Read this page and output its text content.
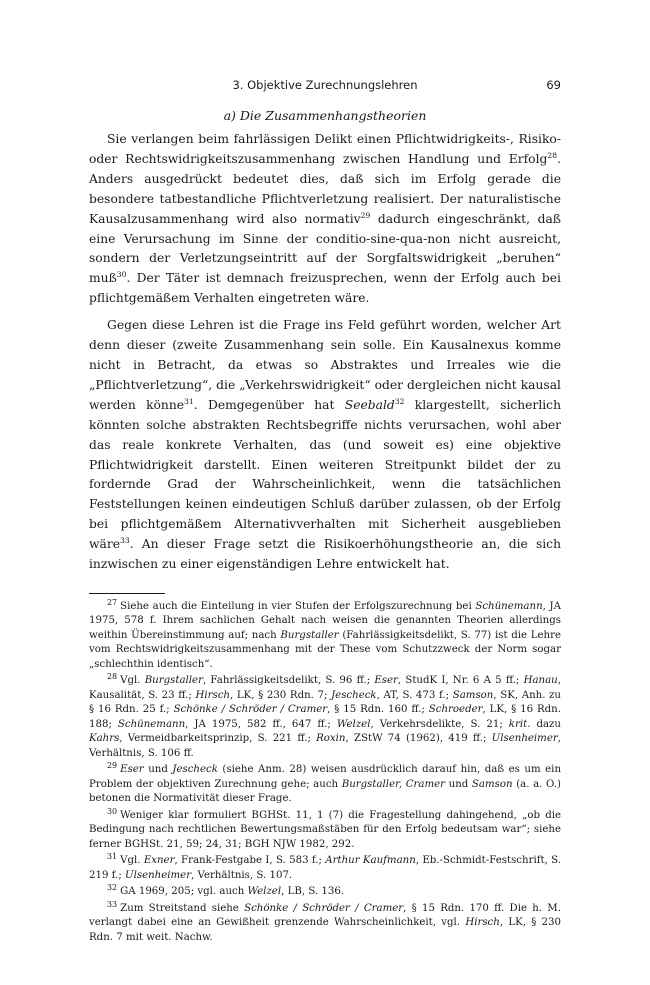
3. Objektive Zurechnungslehren	69
a) Die Zusammenhangstheorien

Sie verlangen beim fahrlässigen Delikt einen Pflichtwidrigkeits-, Risiko- oder Rechtswidrigkeitszusammenhang zwischen Handlung und Erfolg$^{28}$. Anders ausgedrückt bedeutet dies, daß sich im Erfolg gerade die besondere tatbestandliche Pflichtverletzung realisiert. Der naturalistische Kausalzusammenhang wird also normativ$^{29}$ dadurch eingeschränkt, daß eine Verursachung im Sinne der conditio-sine-qua-non nicht ausreicht, sondern der Verletzungseintritt auf der Sorgfaltswidrigkeit „beruhen“ muß$^{30}$. Der Täter ist demnach freizusprechen, wenn der Erfolg auch bei pflichtgemäßem Verhalten eingetreten wäre.

Gegen diese Lehren ist die Frage ins Feld geführt worden, welcher Art denn dieser (zweite Zusammenhang sein solle. Ein Kausalnexus komme nicht in Betracht, da etwas so Abstraktes und Irreales wie die „Pflichtverletzung“, die „Verkehrswidrigkeit“ oder dergleichen nicht kausal werden könne$^{31}$. Demgegenüber hat Seebald$^{32}$ klargestellt, sicherlich könnten solche abstrakten Rechtsbegriffe nichts verursachen, wohl aber das reale konkrete Verhalten, das (und soweit es) eine objektive Pflichtwidrigkeit darstellt. Einen weiteren Streitpunkt bildet der zu fordernde Grad der Wahrscheinlichkeit, wenn die tatsächlichen Feststellungen keinen eindeutigen Schluß darüber zulassen, ob der Erfolg bei pflichtgemäßem Alternativverhalten mit Sicherheit ausgeblieben wäre$^{33}$. An dieser Frage setzt die Risikoerhöhungstheorie an, die sich inzwischen zu einer eigenständigen Lehre entwickelt hat.

$^{27}$ Siehe auch die Einteilung in vier Stufen der Erfolgszurechnung bei Schünemann, JA 1975, 578 f. Ihrem sachlichen Gehalt nach weisen die genannten Theorien allerdings weithin Übereinstimmung auf; nach Burgstaller (Fahrlässigkeitsdelikt, S. 77) ist die Lehre vom Rechtswidrigkeitszusammenhang mit der These vom Schutzzweck der Norm sogar „schlechthin identisch“.

$^{28}$ Vgl. Burgstaller, Fahrlässigkeitsdelikt, S. 96 ff.; Eser, StudK I, Nr. 6 A 5 ff.; Hanau, Kausalität, S. 23 ff.; Hirsch, LK, § 230 Rdn. 7; Jescheck, AT, S. 473 f.; Samson, SK, Anh. zu § 16 Rdn. 25 f.; Schönke / Schröder / Cramer, § 15 Rdn. 160 ff.; Schroeder, LK, § 16 Rdn. 188; Schünemann, JA 1975, 582 ff., 647 ff.; Welzel, Verkehrsdelikte, S. 21; krit. dazu Kahrs, Vermeidbarkeitsprinzip, S. 221 ff.; Roxin, ZStW 74 (1962), 419 ff.; Ulsenheimer, Verhältnis, S. 106 ff.

$^{29}$ Eser und Jescheck (siehe Anm. 28) weisen ausdrücklich darauf hin, daß es um ein Problem der objektiven Zurechnung gehe; auch Burgstaller, Cramer und Samson (a. a. O.) betonen die Normativität dieser Frage.

$^{30}$ Weniger klar formuliert BGHSt. 11, 1 (7) die Fragestellung dahingehend, „ob die Bedingung nach rechtlichen Bewertungsmaßstäben für den Erfolg bedeutsam war“; siehe ferner BGHSt. 21, 59; 24, 31; BGH NJW 1982, 292.

$^{31}$ Vgl. Exner, Frank-Festgabe I, S. 583 f.; Arthur Kaufmann, Eb.-Schmidt-Festschrift, S. 219 f.; Ulsenheimer, Verhältnis, S. 107.

$^{32}$ GA 1969, 205; vgl. auch Welzel, LB, S. 136.

$^{33}$ Zum Streitstand siehe Schönke / Schröder / Cramer, § 15 Rdn. 170 ff. Die h. M. verlangt dabei eine an Gewißheit grenzende Wahrscheinlichkeit, vgl. Hirsch, LK, § 230 Rdn. 7 mit weit. Nachw.
